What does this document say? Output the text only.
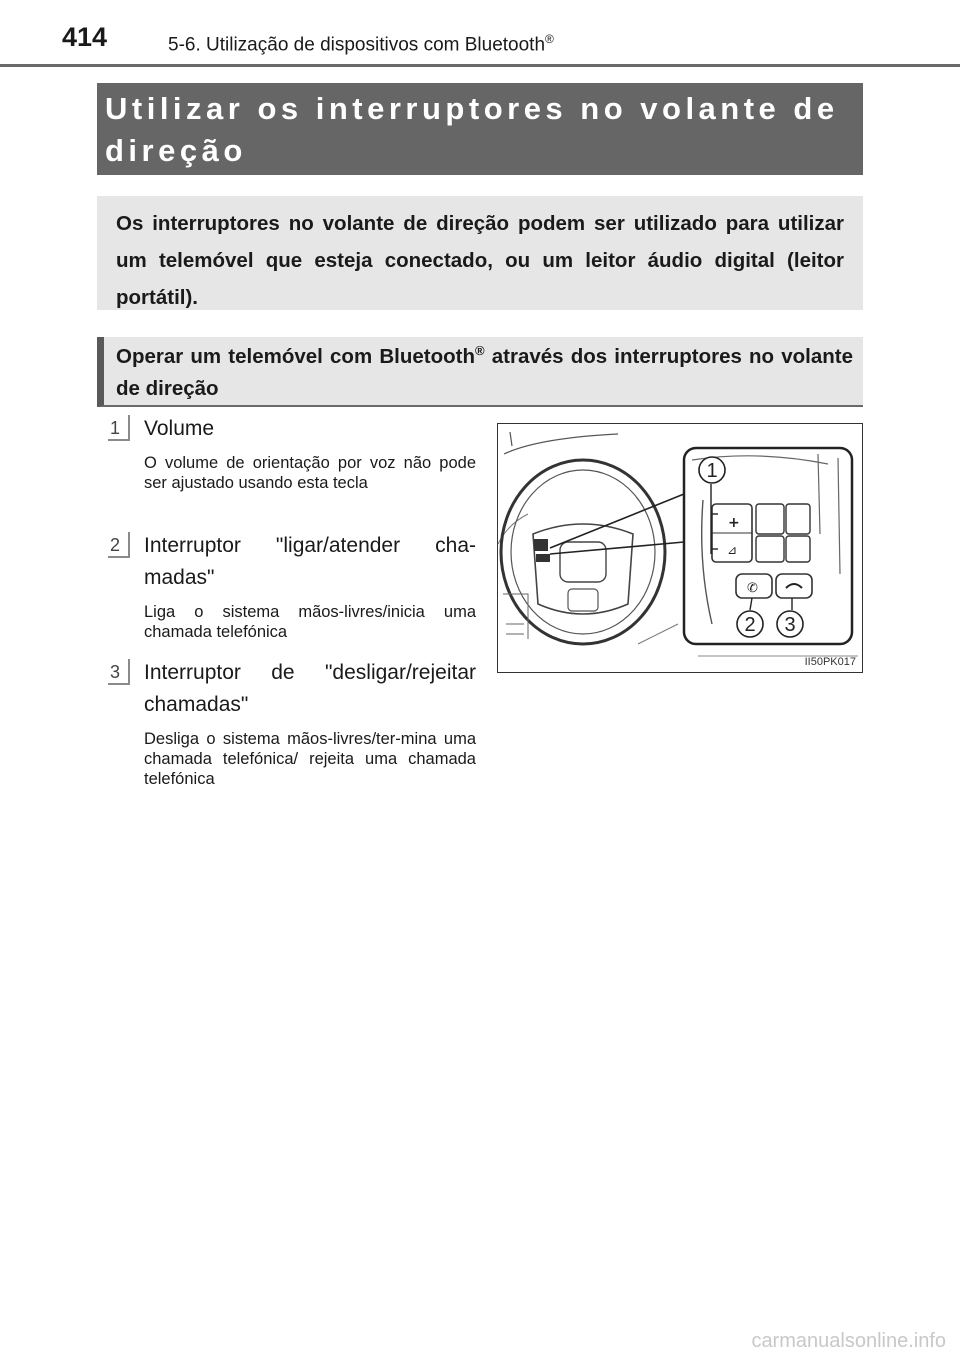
414	5-6. Utilização de dispositivos com Bluetooth®
Utilizar os interruptores no volante de
direção
Os interruptores no volante de direção podem ser utilizado para utilizar um telemóvel que esteja conectado, ou um leitor áudio digital (leitor portátil).
Operar um telemóvel com Bluetooth® através dos interruptores no volante de direção
1	Volume
O volume de orientação por voz não pode ser ajustado usando esta tecla
2	Interruptor "ligar/atender cha-madas"
Liga o sistema mãos-livres/inicia uma chamada telefónica
3	Interruptor de "desligar/rejeitar chamadas"
Desliga o sistema mãos-livres/ter-mina uma chamada telefónica/ rejeita uma chamada telefónica
+
⊿
✆
1
2 3
II50PK017
carmanualsonline.info
